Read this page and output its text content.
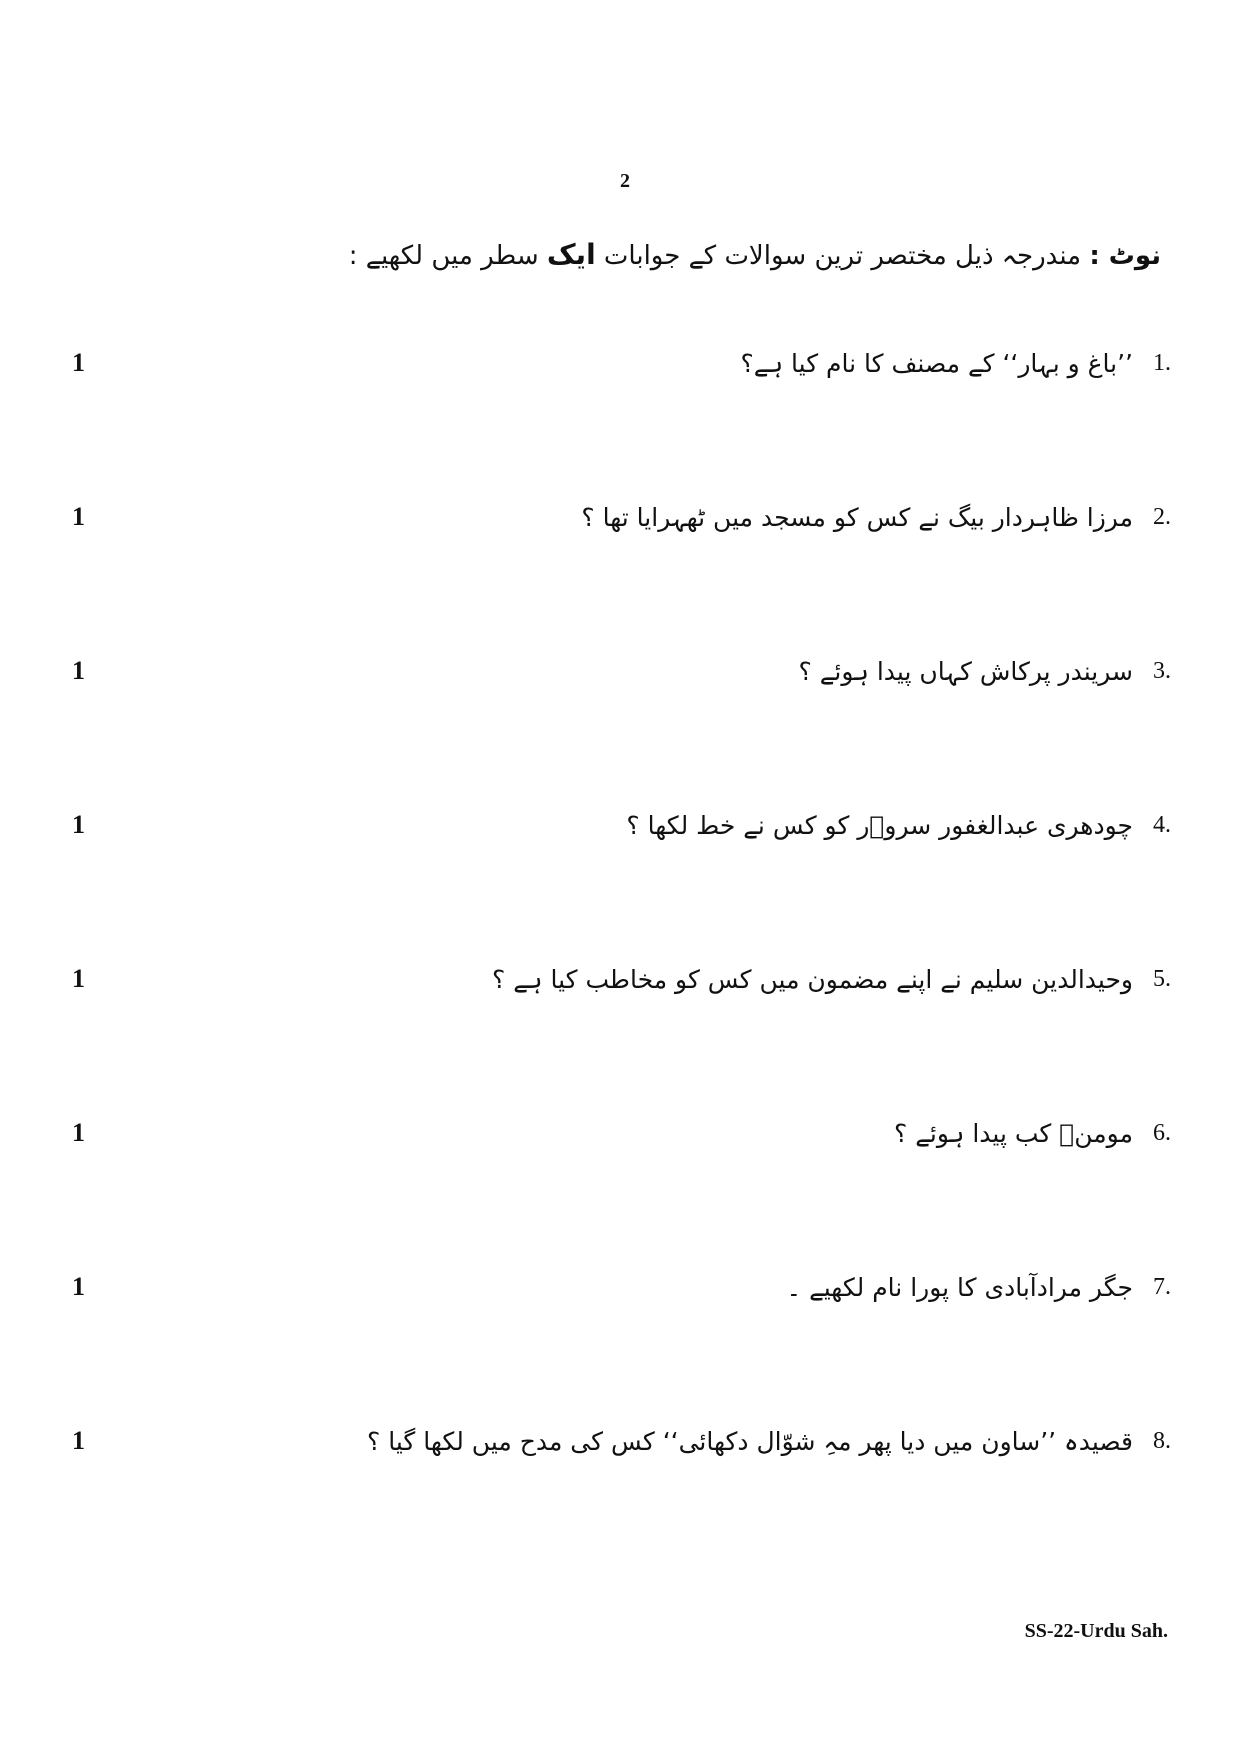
2
نوٹ : مندرجہ ذیل مختصر ترین سوالات کے جوابات ایک سطر میں لکھیے :
1.
’’باغ و بہار‘‘ کے مصنف کا نام کیا ہے؟
1
2.
مرزا ظاہردار بیگ نے کس کو مسجد میں ٹھہرایا تھا ؟
1
3.
سریندر پرکاش کہاں پیدا ہوئے ؟
1
4.
چودھری عبدالغفور سروؔر کو کس نے خط لکھا ؟
1
5.
وحیدالدین سلیم نے اپنے مضمون میں کس کو مخاطب کیا ہے ؟
1
6.
مومنؔ کب پیدا ہوئے ؟
1
7.
جگر مرادآبادی کا پورا نام لکھیے ۔
1
8.
قصیدہ ’’ساون میں دیا پھر مہِ شوّال دکھائی‘‘ کس کی مدح میں لکھا گیا ؟
1
SS-22-Urdu Sah.
